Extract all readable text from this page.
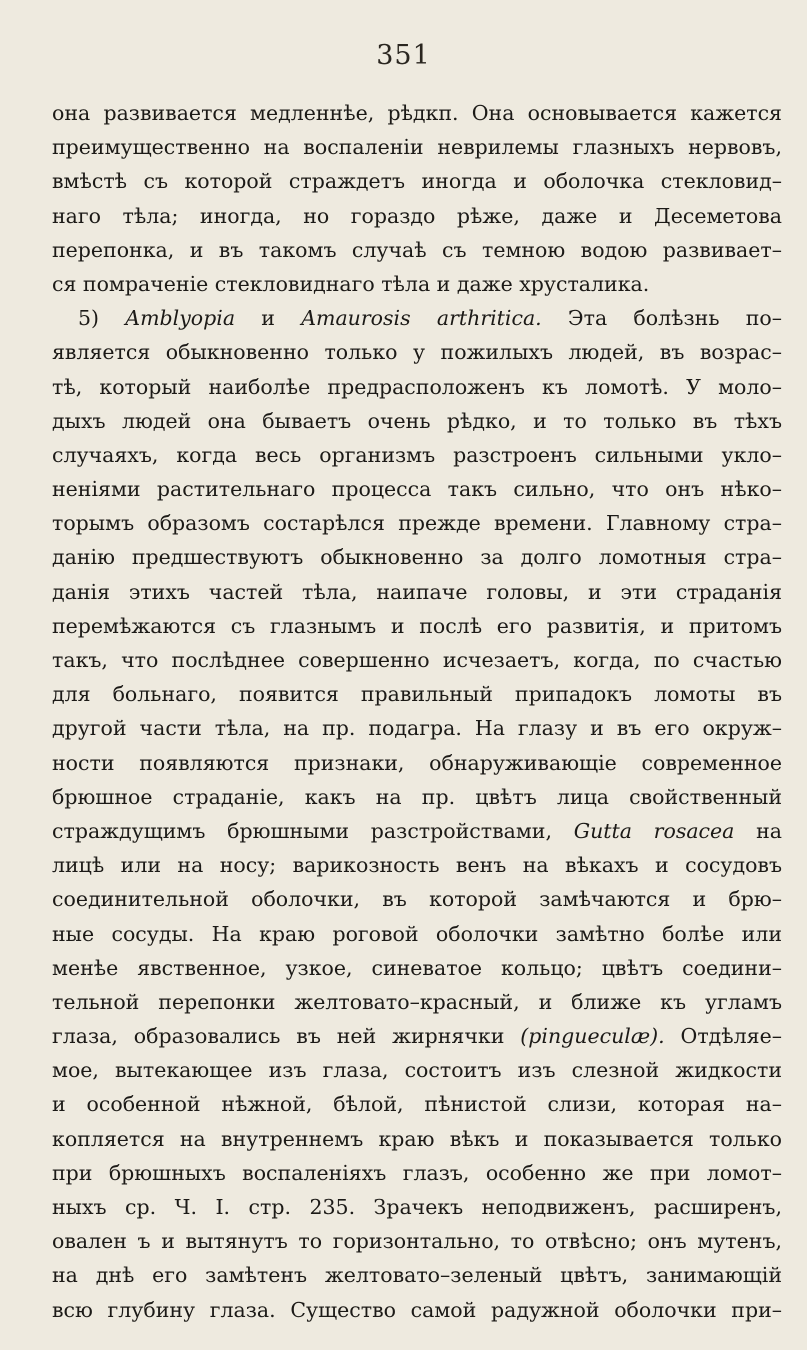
351
она развивается медленнѣе, рѣдкп. Она основывается кажется
преимущественно на воспаленіи неврилемы глазныхъ нервовъ,
вмѣстѣ съ которой страждетъ иногда и оболочка стекловид–
наго тѣла; иногда, но гораздо рѣже, даже и Десеметова
перепонка, и въ такомъ случаѣ съ темною водою развивает–
ся помраченіе стекловиднаго тѣла и даже хрусталика.
5) Amblyopia и Amaurosis arthritica. Эта болѣзнь по–
является обыкновенно только у пожилыхъ людей, въ возрас–
тѣ, который наиболѣе предрасположенъ къ ломотѣ. У моло–
дыхъ людей она бываетъ очень рѣдко, и то только въ тѣхъ
случаяхъ, когда весь организмъ разстроенъ сильными укло–
неніями растительнаго процесса такъ сильно, что онъ нѣко–
торымъ образомъ состарѣлся прежде времени. Главному стра–
данію предшествуютъ обыкновенно за долго ломотныя стра–
данія этихъ частей тѣла, наипаче головы, и эти страданія
перемѣжаются съ глазнымъ и послѣ его развитія, и притомъ
такъ, что послѣднее совершенно исчезаетъ, когда, по счастью
для больнаго, появится правильный припадокъ ломоты въ
другой части тѣла, на пр. подагра. На глазу и въ его окруж–
ности появляются признаки, обнаруживающіе современное
брюшное страданіе, какъ на пр. цвѣтъ лица свойственный
страждущимъ брюшными разстройствами, Gutta rosacea на
лицѣ или на носу; варикозность венъ на вѣкахъ и сосудовъ
соединительной оболочки, въ которой замѣчаются и брю–
ные сосуды. На краю роговой оболочки замѣтно болѣе или
менѣе явственное, узкое, синеватое кольцо; цвѣтъ соедини–
тельной перепонки желтовато–красный, и ближе къ угламъ
глаза, образовались въ ней жирнячки (pingueculæ). Отдѣляе–
мое, вытекающее изъ глаза, состоитъ изъ слезной жидкости
и особенной нѣжной, бѣлой, пѣнистой слизи, которая на–
копляется на внутреннемъ краю вѣкъ и показывается только
при брюшныхъ воспаленіяхъ глазъ, особенно же при ломот–
ныхъ ср. Ч. I. стр. 235. Зрачекъ неподвиженъ, расширенъ,
овален ъ и вытянутъ то горизонтально, то отвѣсно; онъ мутенъ,
на днѣ его замѣтенъ желтовато–зеленый цвѣтъ, занимающій
всю глубину глаза. Существо самой радужной оболочки при–
